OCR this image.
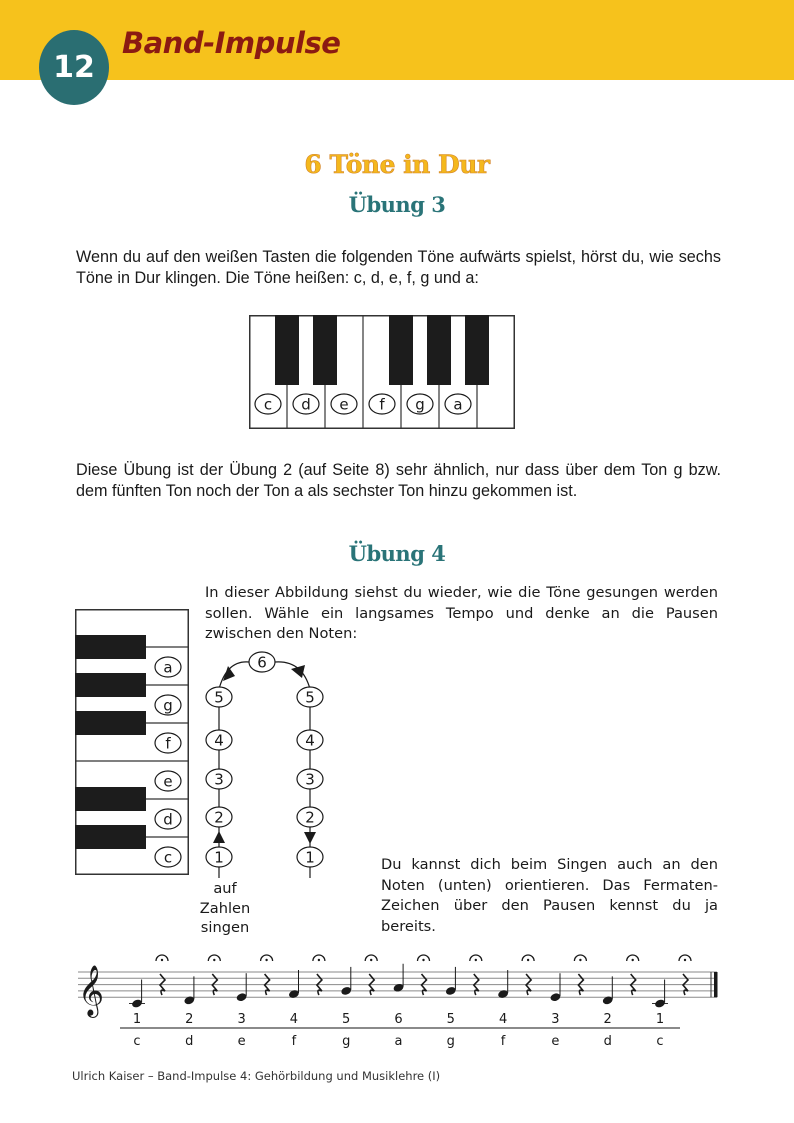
12
Band-Impulse
6 Töne in Dur
Übung 3
Wenn du auf den weißen Tasten die folgenden Töne aufwärts spielst, hörst du, wie sechs Töne in Dur klingen. Die Töne heißen: c, d, e, f, g und a:
c d e f g a
Diese Übung ist der Übung 2 (auf Seite 8) sehr ähnlich, nur dass über dem Ton g bzw. dem fünften Ton noch der Ton a als sechster Ton hinzu gekommen ist.
Übung 4
In dieser Abbildung siehst du wieder, wie die Töne gesungen werden sollen. Wähle ein langsames Tempo und denke an die Pausen zwischen den Noten:
a
g
f
e
d
c	1
2
3
4
5	5
4
3
2
1
6
auf
Zahlen
singen
Du kannst dich beim Singen auch an den Noten (unten) orientieren. Das Fermaten-Zeichen über den Pausen kennst du ja bereits.
𝄞
1
c
2
d
3
e
4
f
5
g
6
a
5
g
4
f
3
e
2
d
1
c
Ulrich Kaiser – Band-Impulse 4: Gehörbildung und Musiklehre (I)
